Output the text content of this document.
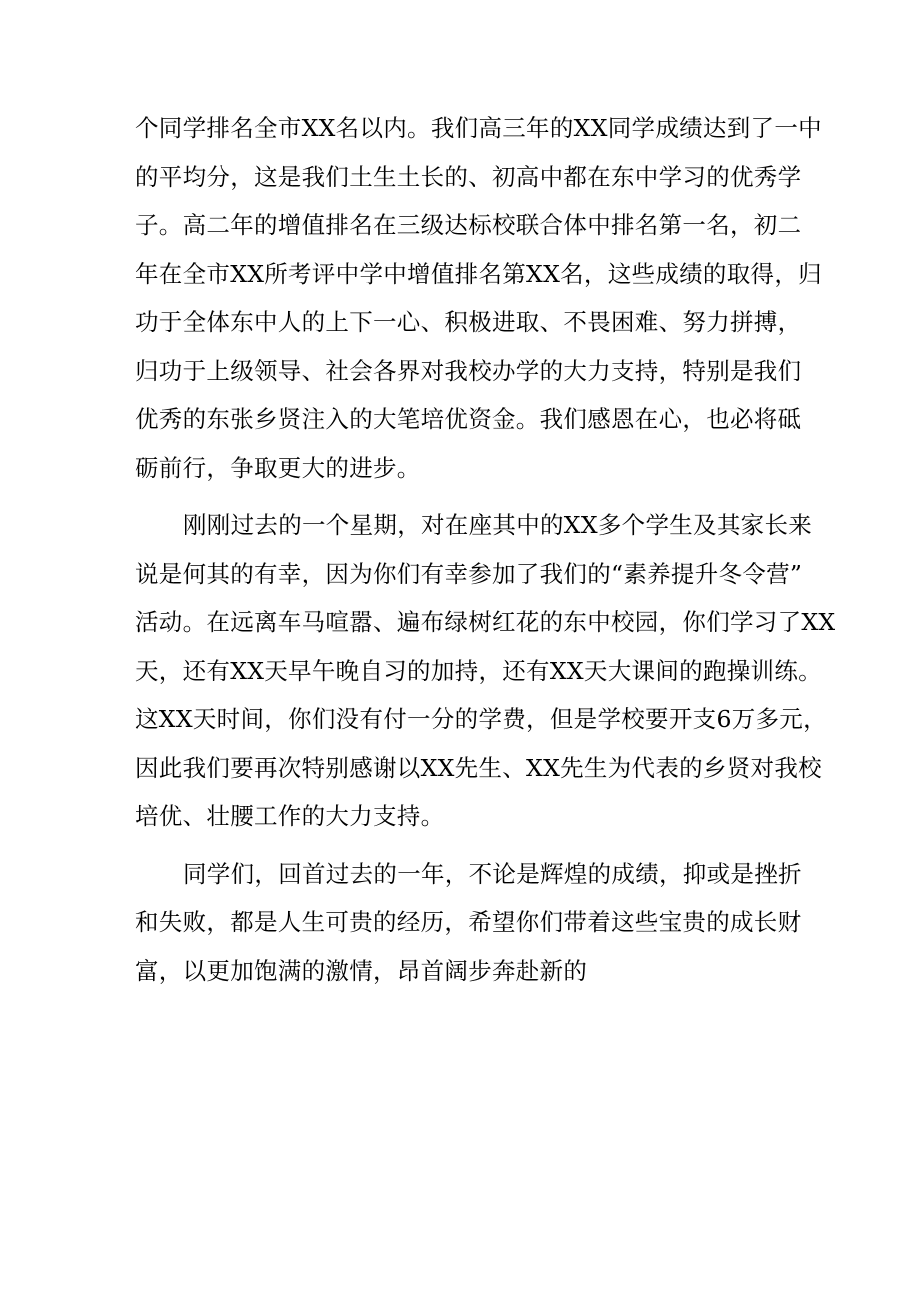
个同学排名全市XX名以内。我们高三年的XX同学成绩达到了一中
的平均分，这是我们土生土长的、初高中都在东中学习的优秀学
子。高二年的增值排名在三级达标校联合体中排名第一名，初二
年在全市XX所考评中学中增值排名第XX名，这些成绩的取得，归
功于全体东中人的上下一心、积极进取、不畏困难、努力拼搏，
归功于上级领导、社会各界对我校办学的大力支持，特别是我们
优秀的东张乡贤注入的大笔培优资金。我们感恩在心，也必将砥
砺前行，争取更大的进步。
刚刚过去的一个星期，对在座其中的XX多个学生及其家长来
说是何其的有幸，因为你们有幸参加了我们的“素养提升冬令营”
活动。在远离车马喧嚣、遍布绿树红花的东中校园，你们学习了XX
天，还有XX天早午晚自习的加持，还有XX天大课间的跑操训练。
这XX天时间，你们没有付一分的学费，但是学校要开支6万多元，
因此我们要再次特别感谢以XX先生、XX先生为代表的乡贤对我校
培优、壮腰工作的大力支持。
同学们，回首过去的一年，不论是辉煌的成绩，抑或是挫折
和失败，都是人生可贵的经历，希望你们带着这些宝贵的成长财
富，以更加饱满的激情，昂首阔步奔赴新的
